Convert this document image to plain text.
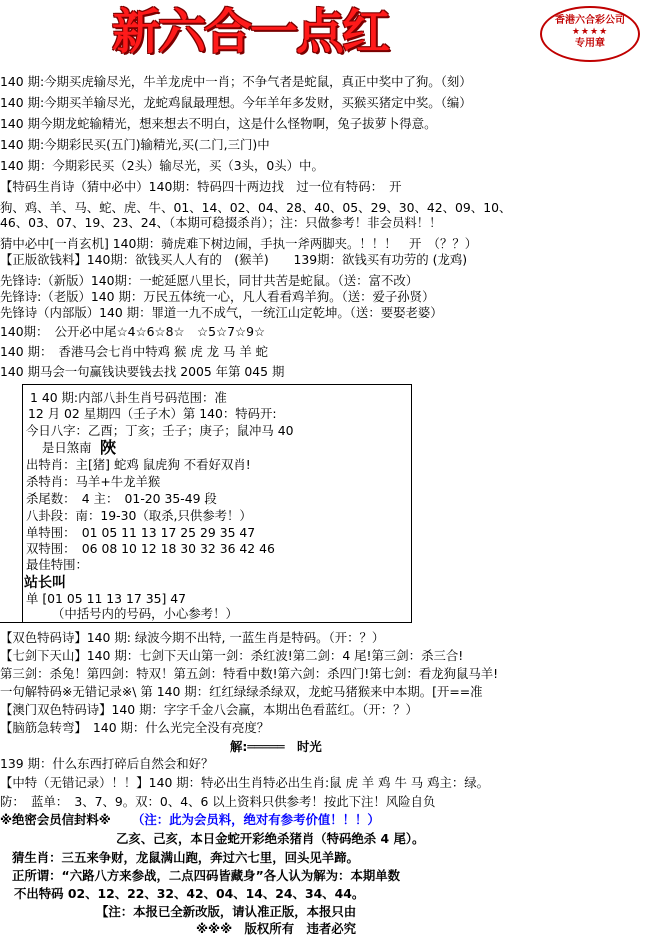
新六合一点红	香港六合彩公司
★★★★
专用章
140 期:今期买虎输尽光，牛羊龙虎中一肖；不争气者是蛇鼠，真正中奖中了狗。（刻）
140 期:今期买羊输尽光，龙蛇鸡鼠最理想。今年羊年多发财，买猴买猪定中奖。（编）
140 期今期龙蛇输精光，想来想去不明白，这是什么怪物啊，兔子拔萝卜得意。
140 期:今期彩民买(五门)输精光,买(二门,三门)中
140 期：今期彩民买（2头）输尽光，买（3头，0头）中。
【特码生肖诗（猜中必中）140期：特码四十两边找　过一位有特码：　开
狗、鸡、羊、马、蛇、虎、牛、01、14、02、04、28、40、05、29、30、42、09、10、
46、03、07、19、23、24、（本期可稳掇杀肖）；注：只做参考！非会员料！！
猜中必中[一肖玄机] 140期：骑虎难下树边闹，手执一斧两脚夹。！！！　开　（？？）
【正版欲钱料】140期：欲钱买人人有的　(猴羊)　　139期：欲钱买有功劳的 (龙鸡)
先锋诗:（新版）140期：一蛇延愿八里长，同甘共苦是蛇鼠。（送：富不改）
先锋诗:（老版）140 期：万民五体统一心，凡人看看鸡羊狗。（送：爱子孙贤）
先锋诗（内部版）140 期：罪道一九不成气，一统江山定乾坤。（送：要娶老婆）
140期：　公开必中尾☆4☆6☆8☆　☆5☆7☆9☆
140 期：　香港马会七肖中特鸡 猴 虎 龙 马 羊 蛇
140 期马会一句赢钱诀要钱去找 2005 年第 045 期
1 40 期:内部八卦生肖号码范围：准
12 月 02 星期四（壬子木）第 140：特码开:
今日八字：乙酉；丁亥；壬子；庚子；鼠冲马 40
是日煞南 陜
出特肖：主[猪] 蛇鸡 鼠虎狗 不看好双肖!
杀特肖：马羊+牛龙羊猴
杀尾数：　4 主：　01-20 35-49 段
八卦段：南：19-30（取杀,只供参考！）
单特围：　01 05 11 13 17 25 29 35 47
双特围：　06 08 10 12 18 30 32 36 42 46
最佳特围：
站长叫
单 [01 05 11 13 17 35] 47
（中括号内的号码，小心参考！）
【双色特码诗】140 期: 绿波今期不出特, 一蓝生肖是特码。（开：？）
【七剑下天山】140 期：七剑下天山第一剑：杀红波!第二剑：4 尾!第三剑：杀三合!
第三剑：杀兔！第四剑：特双！第五剑：特看中数!第六剑：杀四门!第七剑：看龙狗鼠马羊!
一句解特码※无错记录※\ 第 140 期：红红绿绿杀绿双，龙蛇马猪猴来中本期。[开==准
【澳门双色特码诗】140 期：字字千金八会赢，本期出色看蓝红。（开：？）
【脑筋急转弯】　140 期：什么光完全没有亮度？
解:═════　时光
139 期：什么东西打碎后自然会和好？
【中特（无错记录）！！】140 期：特必出生肖特必出生肖:鼠 虎 羊 鸡 牛 马 鸡主：绿。
防：　蓝单：　3、7、9。双：0、4、6 以上资料只供参考！按此下注！风险自负
※绝密会员信封料※ （注：此为会员料，绝对有参考价值！！！）
乙亥、己亥，本日金蛇开彩绝杀猪肖（特码绝杀 4 尾）。
猜生肖：三五来争财，龙鼠满山跑，奔过六七里，回头见羊蹄。
正所谓：“六路八方来参战，二点四码皆藏身”各人认为解为：本期单数
不出特码 02、12、22、32、42、04、14、24、34、44。
【注：本报已全新改版，请认准正版，本报只由
※※※　版权所有　违者必究
